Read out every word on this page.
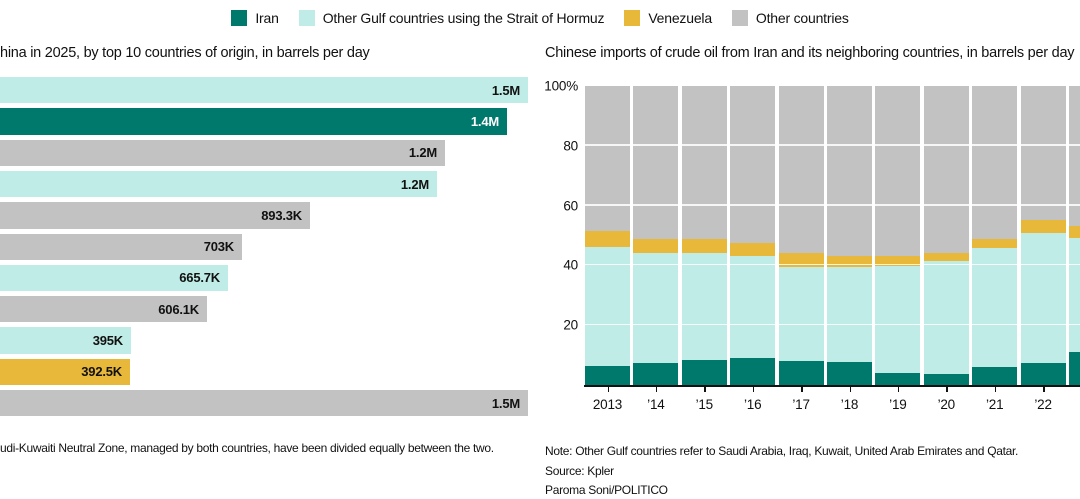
Iran	Other Gulf countries using the Strait of Hormuz	Venezuela	Other countries
hina in 2025, by top 10 countries of origin, in barrels per day
1.5M
1.4M
1.2M
1.2M
893.3K
703K
665.7K
606.1K
395K
392.5K
1.5M
udi-Kuwaiti Neutral Zone, managed by both countries, have been divided equally between the two.
Chinese imports of crude oil from Iran and its neighboring countries, in barrels per day
2013	’14	’15	’16	’17	’18	’19	’20	’21	’22
100%
80
60
40
20
Note: Other Gulf countries refer to Saudi Arabia, Iraq, Kuwait, United Arab Emirates and Qatar.
Source: Kpler
Paroma Soni/POLITICO
